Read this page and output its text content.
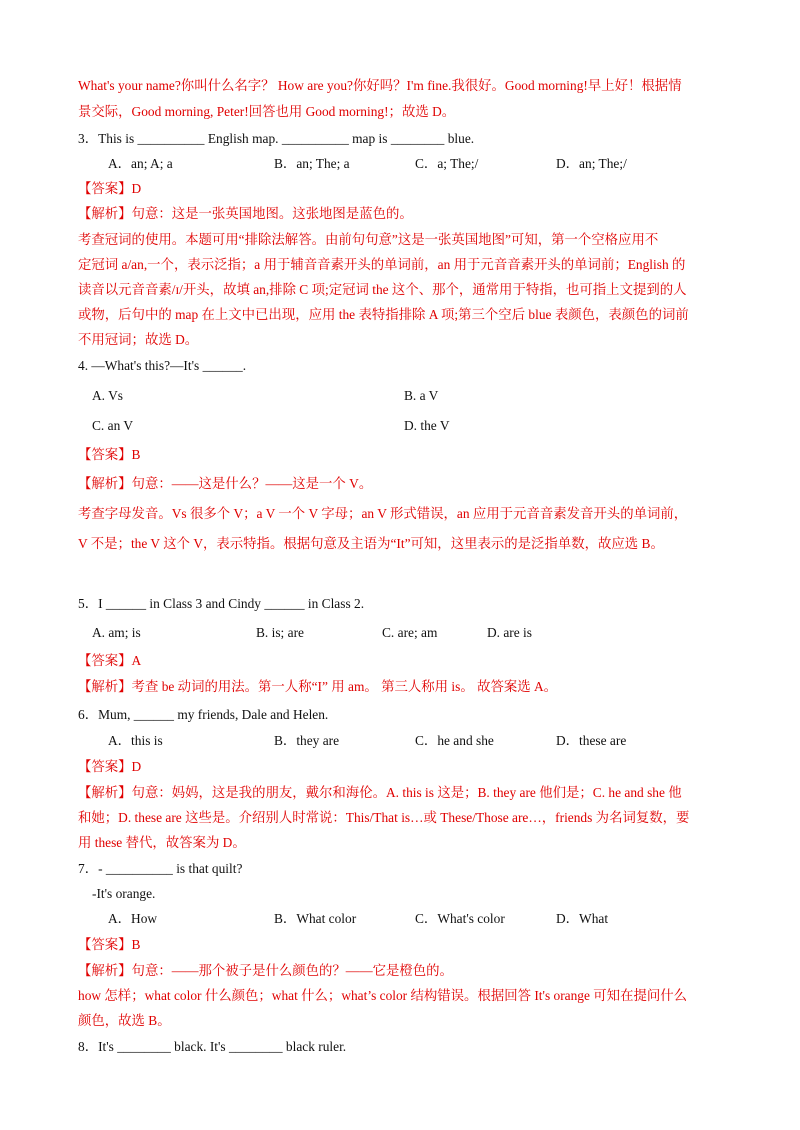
What's your name?你叫什么名字？ How are you?你好吗？I'm fine.我很好。Good morning!早上好！根据情
景交际，Good morning, Peter!回答也用 Good morning!；故选 D。
3．This is __________ English map. __________ map is ________ blue.
A．an; A; a	B．an; The; a	C．a; The;/	D．an; The;/
【答案】D
【解析】句意：这是一张英国地图。这张地图是蓝色的。
考查冠词的使用。本题可用“排除法解答。由前句句意”这是一张英国地图”可知，第一个空格应用不
定冠词 a/an,一个，表示泛指；a 用于辅音音素开头的单词前，an 用于元音音素开头的单词前；English 的
读音以元音音素/ɪ/开头，故填 an,排除 C 项;定冠词 the 这个、那个，通常用于特指，也可指上文提到的人
或物，后句中的 map 在上文中已出现，应用 the 表特指排除 A 项;第三个空后 blue 表颜色，表颜色的词前
不用冠词；故选 D。
4. —What's this?—It's ______.
A. Vs	B. a V
C. an V	D. the V
【答案】B
【解析】句意：——这是什么？——这是一个 V。
考查字母发音。Vs 很多个 V；a V 一个 V 字母；an V 形式错误，an 应用于元音音素发音开头的单词前，
V 不是；the V 这个 V，表示特指。根据句意及主语为“It”可知，这里表示的是泛指单数，故应选 B。
5．I ______ in Class 3 and Cindy ______ in Class 2.
A. am; is	B. is; are	C. are; am	D. are is
【答案】A
【解析】考查 be 动词的用法。第一人称“I” 用 am。 第三人称用 is。 故答案选 A。
6．Mum, ______ my friends, Dale and Helen.
A．this is	B．they are	C．he and she	D．these are
【答案】D
【解析】句意：妈妈，这是我的朋友，戴尔和海伦。A. this is 这是；B. they are 他们是；C. he and she 他
和她；D. these are 这些是。介绍别人时常说：This/That is…或 These/Those are…，friends 为名词复数，要
用 these 替代，故答案为 D。
7．- __________ is that quilt?
-It's orange.
A．How	B．What color	C．What's color	D．What
【答案】B
【解析】句意：——那个被子是什么颜色的？——它是橙色的。
how 怎样；what color 什么颜色；what 什么；what’s color 结构错误。根据回答 It's orange 可知在提问什么
颜色，故选 B。
8．It's ________ black. It's ________ black ruler.
